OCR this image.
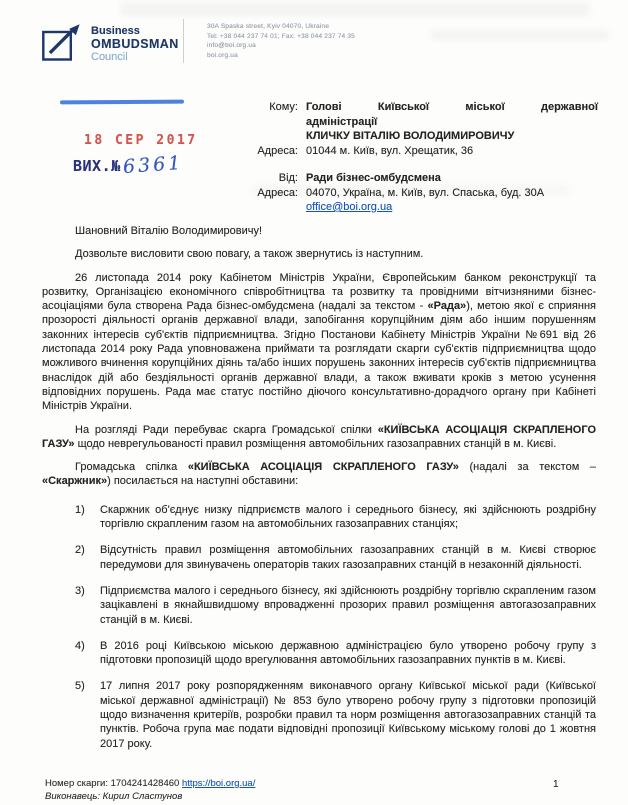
Business
OMBUDSMAN
Council
30A Spaska street, Kyiv 04070, Ukraine
Tel: +38 044 237 74 01; Fax: +38 044 237 74 35
info@boi.org.ua
boi.org.ua
18 СЕР 2017
ВИХ.№6361
Кому: Голові Київської міської державної
адміністрації
КЛИЧКУ ВІТАЛІЮ ВОЛОДИМИРОВИЧУ
Адреса: 01044 м. Київ, вул. Хрещатик, 36
Від: Ради бізнес-омбудсмена
Адреса: 04070, Україна, м. Київ, вул. Спаська, буд. 30А
office@boi.org.ua

Шановний Віталію Володимировичу!

Дозвольте висловити свою повагу, а також звернутись із наступним.

26 листопада 2014 року Кабінетом Міністрів України, Європейським банком реконструкції та розвитку, Організацією економічного співробітництва та розвитку та провідними вітчизняними бізнес-асоціаціями була створена Рада бізнес-омбудсмена (надалі за текстом - «Рада»), метою якої є сприяння прозорості діяльності органів державної влади, запобігання корупційним діям або іншим порушенням законних інтересів суб'єктів підприємництва. Згідно Постанови Кабінету Міністрів України №691 від 26 листопада 2014 року Рада уповноважена приймати та розглядати скарги суб'єктів підприємництва щодо можливого вчинення корупційних діянь та/або інших порушень законних інтересів суб'єктів підприємництва внаслідок дій або бездіяльності органів державної влади, а також вживати кроків з метою усунення відповідних порушень. Рада має статус постійно діючого консультативно-дорадчого органу при Кабінеті Міністрів України.

На розгляді Ради перебуває скарга Громадської спілки «КИЇВСЬКА АСОЦІАЦІЯ СКРАПЛЕНОГО ГАЗУ» щодо неврегульованості правил розміщення автомобільних газозаправних станцій в м. Києві.

Громадська спілка «КИЇВСЬКА АСОЦІАЦІЯ СКРАПЛЕНОГО ГАЗУ» (надалі за текстом – «Скаржник») посилається на наступні обставини:

1)	Скаржник об'єднує низку підприємств малого і середнього бізнесу, які здійснюють роздрібну торгівлю скрапленим газом на автомобільних газозаправних станціях;
2)	Відсутність правил розміщення автомобільних газозаправних станцій в м. Києві створює передумови для звинувачень операторів таких газозаправних станцій в незаконній діяльності.
3)	Підприємства малого і середнього бізнесу, які здійснюють роздрібну торгівлю скрапленим газом зацікавлені в якнайшвидшому впровадженні прозорих правил розміщення автогазозаправних станцій в м. Києві.
4)	В 2016 році Київською міською державною адміністрацією було утворено робочу групу з підготовки пропозицій щодо врегулювання автомобільних газозаправних пунктів в м. Києві.
5)	17 липня 2017 року розпорядженням виконавчого органу Київської міської ради (Київської міської державної адміністрації) № 853 було утворено робочу групу з підготовки пропозицій щодо визначення критеріїв, розробки правил та норм розміщення автогазозаправних станцій та пунктів. Робоча група має подати відповідні пропозиції Київському міському голові до 1 жовтня 2017 року.
Номер скарги: 1704241428460 https://boi.org.ua/
Виконавець: Кирил Сластунов
1
